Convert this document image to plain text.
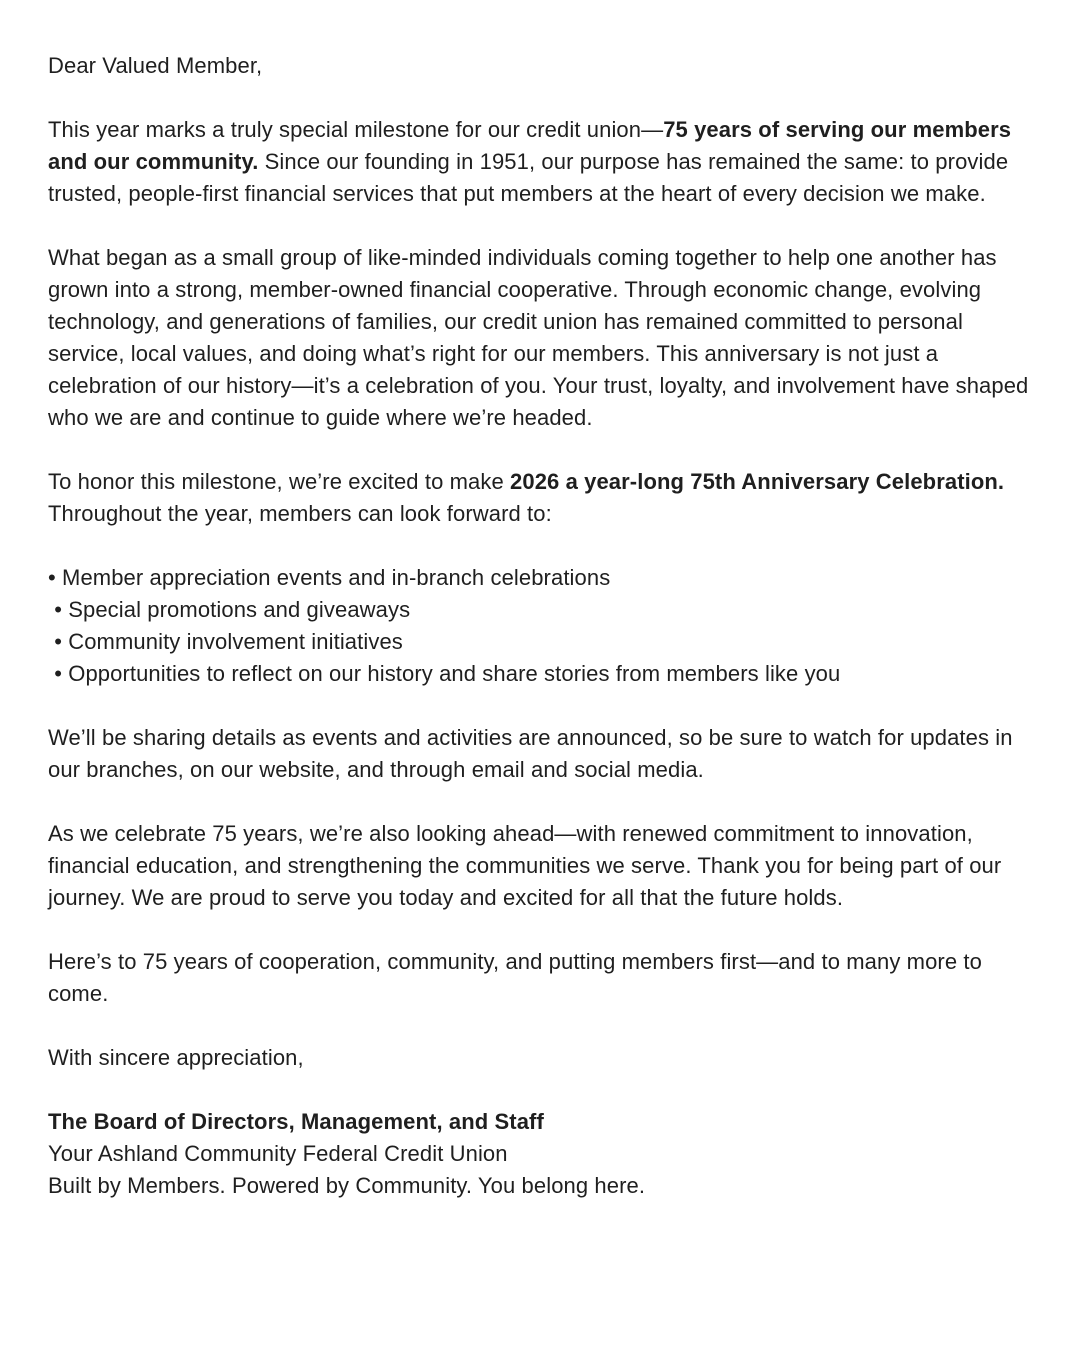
Dear Valued Member,

This year marks a truly special milestone for our credit union—75 years of serving our members and our community. Since our founding in 1951, our purpose has remained the same: to provide trusted, people-first financial services that put members at the heart of every decision we make.

What began as a small group of like-minded individuals coming together to help one another has grown into a strong, member-owned financial cooperative. Through economic change, evolving technology, and generations of families, our credit union has remained committed to personal service, local values, and doing what’s right for our members. This anniversary is not just a celebration of our history—it’s a celebration of you. Your trust, loyalty, and involvement have shaped who we are and continue to guide where we’re headed.

To honor this milestone, we’re excited to make 2026 a year-long 75th Anniversary Celebration. Throughout the year, members can look forward to:

• Member appreciation events and in-branch celebrations
• Special promotions and giveaways
• Community involvement initiatives
• Opportunities to reflect on our history and share stories from members like you

We’ll be sharing details as events and activities are announced, so be sure to watch for updates in our branches, on our website, and through email and social media.

As we celebrate 75 years, we’re also looking ahead—with renewed commitment to innovation, financial education, and strengthening the communities we serve. Thank you for being part of our journey. We are proud to serve you today and excited for all that the future holds.

Here’s to 75 years of cooperation, community, and putting members first—and to many more to come.

With sincere appreciation,

The Board of Directors, Management, and Staff

Your Ashland Community Federal Credit Union

Built by Members. Powered by Community. You belong here.
